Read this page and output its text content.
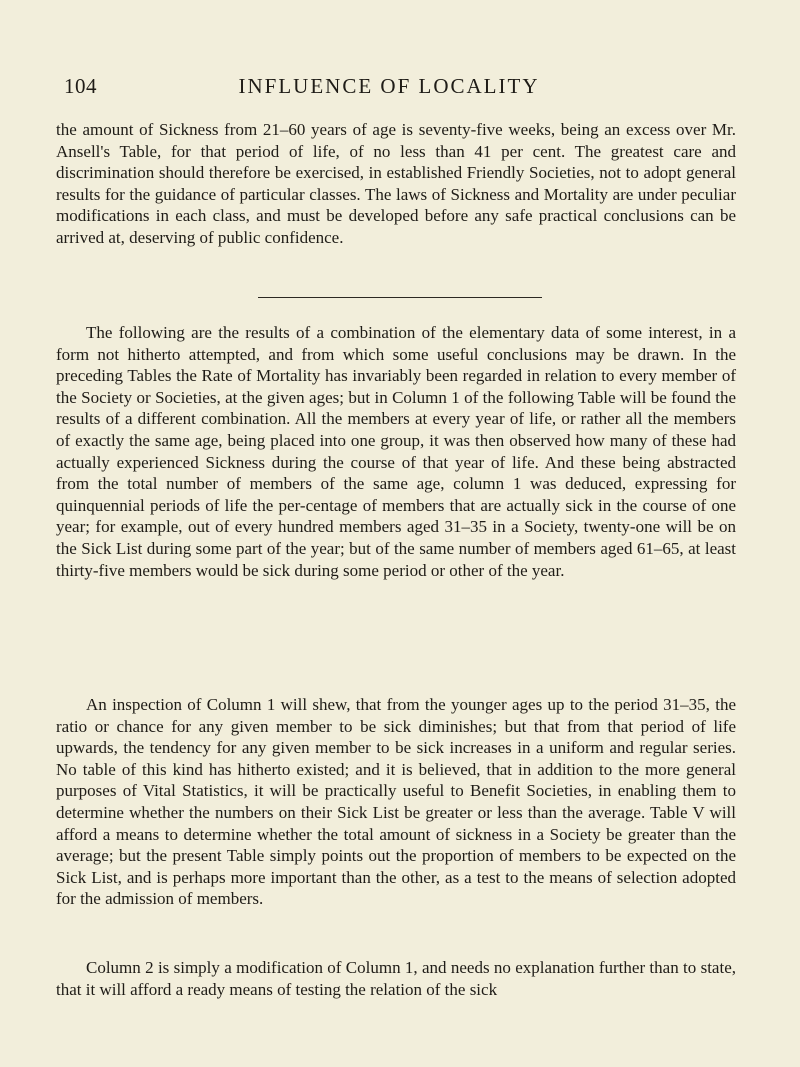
104	INFLUENCE OF LOCALITY

the amount of Sickness from 21–60 years of age is seventy-five weeks, being an excess over Mr. Ansell's Table, for that period of life, of no less than 41 per cent. The greatest care and discrimination should therefore be exercised, in established Friendly Societies, not to adopt general results for the guidance of particular classes. The laws of Sickness and Mortality are under peculiar modifications in each class, and must be developed before any safe practical conclusions can be arrived at, deserving of public confidence.

The following are the results of a combination of the elementary data of some interest, in a form not hitherto attempted, and from which some useful conclusions may be drawn. In the preceding Tables the Rate of Mortality has invariably been regarded in relation to every member of the Society or Societies, at the given ages; but in Column 1 of the following Table will be found the results of a different combination. All the members at every year of life, or rather all the members of exactly the same age, being placed into one group, it was then observed how many of these had actually experienced Sickness during the course of that year of life. And these being abstracted from the total number of members of the same age, column 1 was deduced, expressing for quinquennial periods of life the per-centage of members that are actually sick in the course of one year; for example, out of every hundred members aged 31–35 in a Society, twenty-one will be on the Sick List during some part of the year; but of the same number of members aged 61–65, at least thirty-five members would be sick during some period or other of the year.

An inspection of Column 1 will shew, that from the younger ages up to the period 31–35, the ratio or chance for any given member to be sick diminishes; but that from that period of life upwards, the tendency for any given member to be sick increases in a uniform and regular series. No table of this kind has hitherto existed; and it is believed, that in addition to the more general purposes of Vital Statistics, it will be practically useful to Benefit Societies, in enabling them to determine whether the numbers on their Sick List be greater or less than the average. Table V will afford a means to determine whether the total amount of sickness in a Society be greater than the average; but the present Table simply points out the proportion of members to be expected on the Sick List, and is perhaps more important than the other, as a test to the means of selection adopted for the admission of members.

Column 2 is simply a modification of Column 1, and needs no explanation further than to state, that it will afford a ready means of testing the relation of the sick
